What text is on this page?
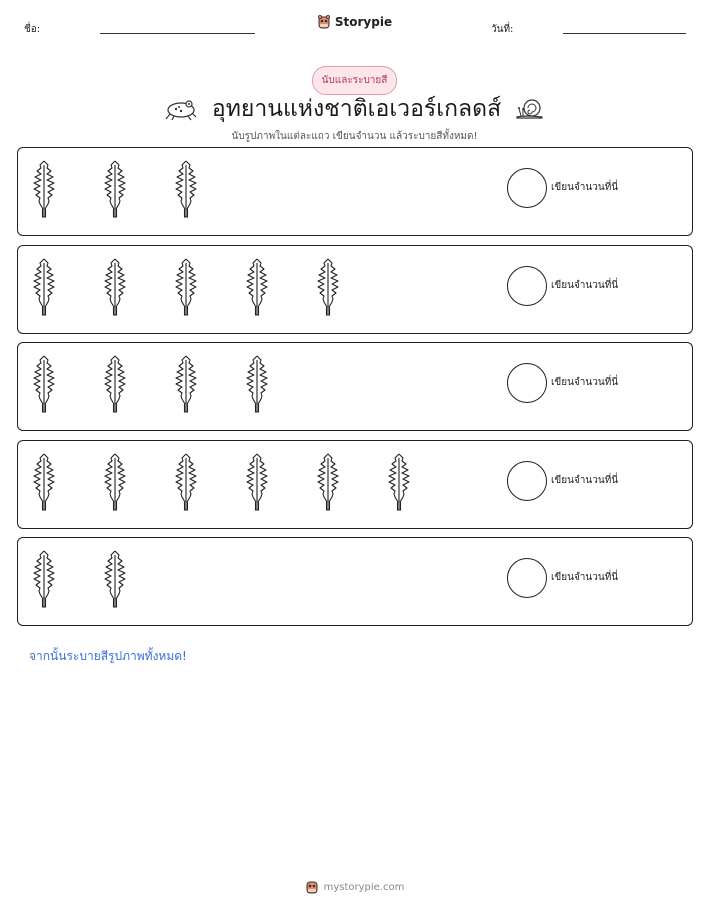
ชื่อ:
Storypie
วันที่:
นับและระบายสี
อุทยานแห่งชาติเอเวอร์เกลดส์
นับรูปภาพในแต่ละแถว เขียนจำนวน แล้วระบายสีทั้งหมด!
เขียนจำนวนที่นี่
เขียนจำนวนที่นี่
เขียนจำนวนที่นี่
เขียนจำนวนที่นี่
เขียนจำนวนที่นี่
จากนั้นระบายสีรูปภาพทั้งหมด!
mystorypie.com
